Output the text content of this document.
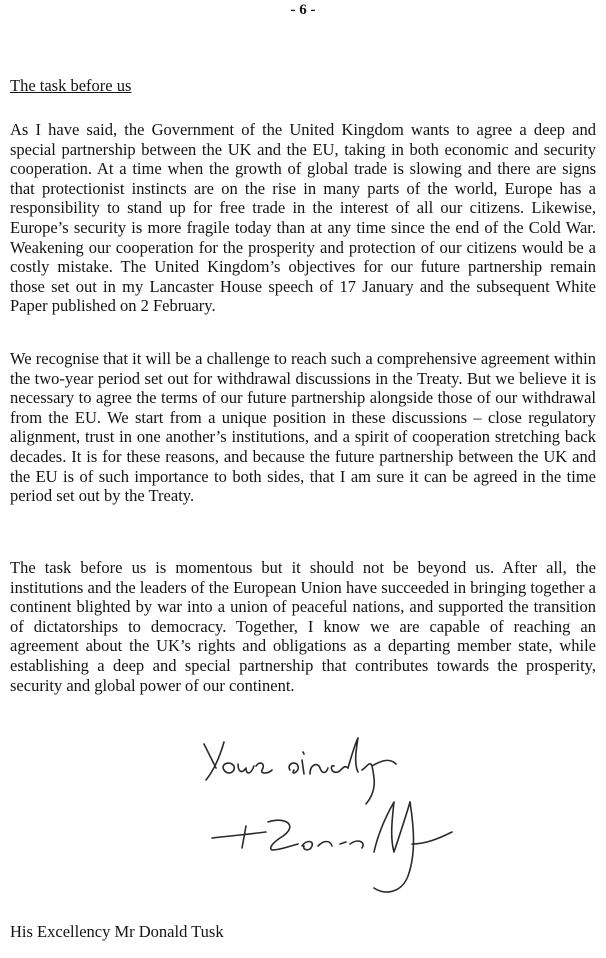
- 6 -
The task before us

As I have said, the Government of the United Kingdom wants to agree a deep and special partnership between the UK and the EU, taking in both economic and security cooperation. At a time when the growth of global trade is slowing and there are signs that protectionist instincts are on the rise in many parts of the world, Europe has a responsibility to stand up for free trade in the interest of all our citizens. Likewise, Europe’s security is more fragile today than at any time since the end of the Cold War. Weakening our cooperation for the prosperity and protection of our citizens would be a costly mistake. The United Kingdom’s objectives for our future partnership remain those set out in my Lancaster House speech of 17 January and the subsequent White Paper published on 2 February.

We recognise that it will be a challenge to reach such a comprehensive agreement within the two-year period set out for withdrawal discussions in the Treaty. But we believe it is necessary to agree the terms of our future partnership alongside those of our withdrawal from the EU. We start from a unique position in these discussions – close regulatory alignment, trust in one another’s institutions, and a spirit of cooperation stretching back decades. It is for these reasons, and because the future partnership between the UK and the EU is of such importance to both sides, that I am sure it can be agreed in the time period set out by the Treaty.

The task before us is momentous but it should not be beyond us. After all, the institutions and the leaders of the European Union have succeeded in bringing together a continent blighted by war into a union of peaceful nations, and supported the transition of dictatorships to democracy. Together, I know we are capable of reaching an agreement about the UK’s rights and obligations as a departing member state, while establishing a deep and special partnership that contributes towards the prosperity, security and global power of our continent.

His Excellency Mr Donald Tusk
